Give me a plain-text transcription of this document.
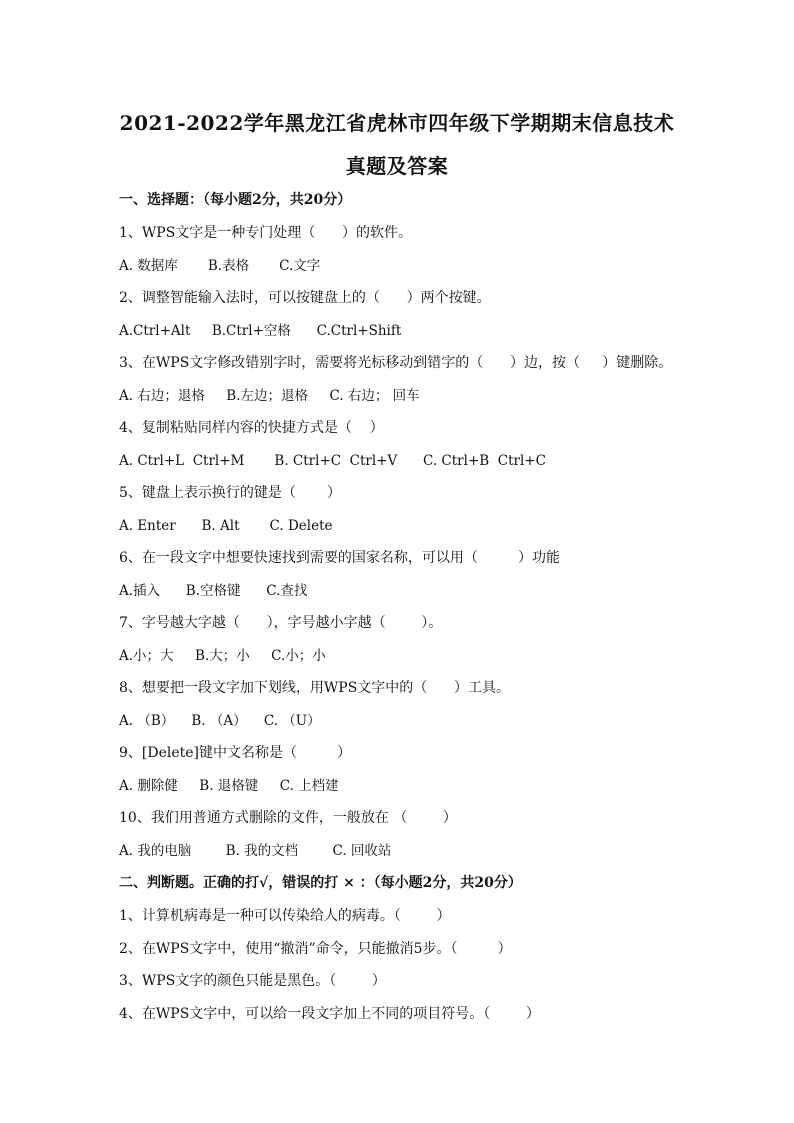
2021-2022学年黑龙江省虎林市四年级下学期期末信息技术
真题及答案
一、选择题：（每小题2分，共20分）
1、WPS文字是一种专门处理（      ）的软件。
A. 数据库       B.表格       C.文字
2、调整智能输入法时，可以按键盘上的（      ）两个按键。
A.Ctrl+Alt     B.Ctrl+空格      C.Ctrl+Shift
3、在WPS文字修改错别字时，需要将光标移动到错字的（      ）边，按（     ）键删除。
A. 右边；退格     B.左边；退格     C. 右边； 回车
4、复制粘贴同样内容的快捷方式是（    ）
A. Ctrl+L  Ctrl+M       B. Ctrl+C  Ctrl+V      C. Ctrl+B  Ctrl+C
5、键盘上表示换行的键是（       ）
A. Enter      B. Alt       C. Delete
6、在一段文字中想要快速找到需要的国家名称，可以用（         ）功能
A.插入      B.空格键      C.查找
7、字号越大字越（      ），字号越小字越（        ）。
A.小；大     B.大；小     C.小；小
8、想要把一段文字加下划线，用WPS文字中的（      ）工具。
A. （B）    B. （A）    C. （U）
9、[Delete]键中文名称是（         ）
A. 删除健     B. 退格键     C. 上档建
10、我们用普通方式删除的文件，一般放在 （        ）
A. 我的电脑        B. 我的文档        C. 回收站
二、判断题。正确的打√，错误的打 × ：（每小题2分，共20分）
1、计算机病毒是一种可以传染给人的病毒。（        ）
2、在WPS文字中，使用“撤消”命令，只能撤消5步。（         ）
3、WPS文字的颜色只能是黑色。（        ）
4、在WPS文字中，可以给一段文字加上不同的项目符号。（        ）
